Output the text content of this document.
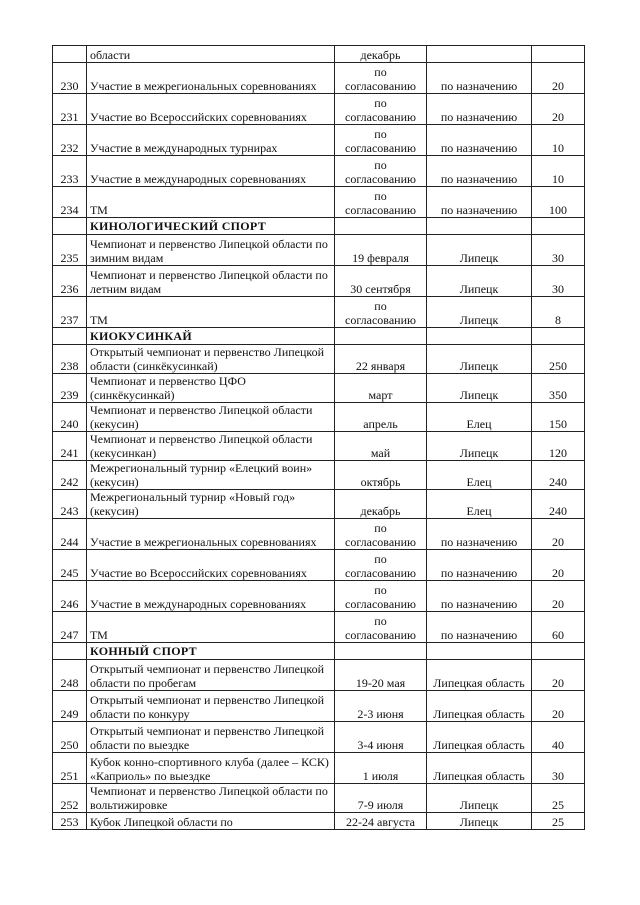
	области	декабрь		
230	Участие в межрегиональных соревнованиях	по согласованию	по назначению	20
231	Участие во Всероссийских соревнованиях	по согласованию	по назначению	20
232	Участие в международных турнирах	по согласованию	по назначению	10
233	Участие в международных соревнованиях	по согласованию	по назначению	10
234	ТМ	по согласованию	по назначению	100
	КИНОЛОГИЧЕСКИЙ СПОРТ			
235	Чемпионат и первенство Липецкой области по зимним видам	19 февраля	Липецк	30
236	Чемпионат и первенство Липецкой области по летним видам	30 сентября	Липецк	30
237	ТМ	по согласованию	Липецк	8
	КИОКУСИНКАЙ			
238	Открытый чемпионат и первенство Липецкой области (синкёкусинкай)	22 января	Липецк	250
239	Чемпионат и первенство ЦФО (синкёкусинкай)	март	Липецк	350
240	Чемпионат и первенство Липецкой области (кекусин)	апрель	Елец	150
241	Чемпионат и первенство Липецкой области (кекусинкан)	май	Липецк	120
242	Межрегиональный турнир «Елецкий воин» (кекусин)	октябрь	Елец	240
243	Межрегиональный турнир «Новый год» (кекусин)	декабрь	Елец	240
244	Участие в межрегиональных соревнованиях	по согласованию	по назначению	20
245	Участие во Всероссийских соревнованиях	по согласованию	по назначению	20
246	Участие в международных соревнованиях	по согласованию	по назначению	20
247	ТМ	по согласованию	по назначению	60
	КОННЫЙ СПОРТ			
248	Открытый чемпионат и первенство Липецкой области по пробегам	19-20 мая	Липецкая область	20
249	Открытый чемпионат и первенство Липецкой области по конкуру	2-3 июня	Липецкая область	20
250	Открытый чемпионат и первенство Липецкой области по выездке	3-4 июня	Липецкая область	40
251	Кубок конно-спортивного клуба (далее – КСК) «Каприоль» по выездке	1 июля	Липецкая область	30
252	Чемпионат и первенство Липецкой области по вольтижировке	7-9 июля	Липецк	25
253	Кубок Липецкой области по	22-24 августа	Липецк	25
